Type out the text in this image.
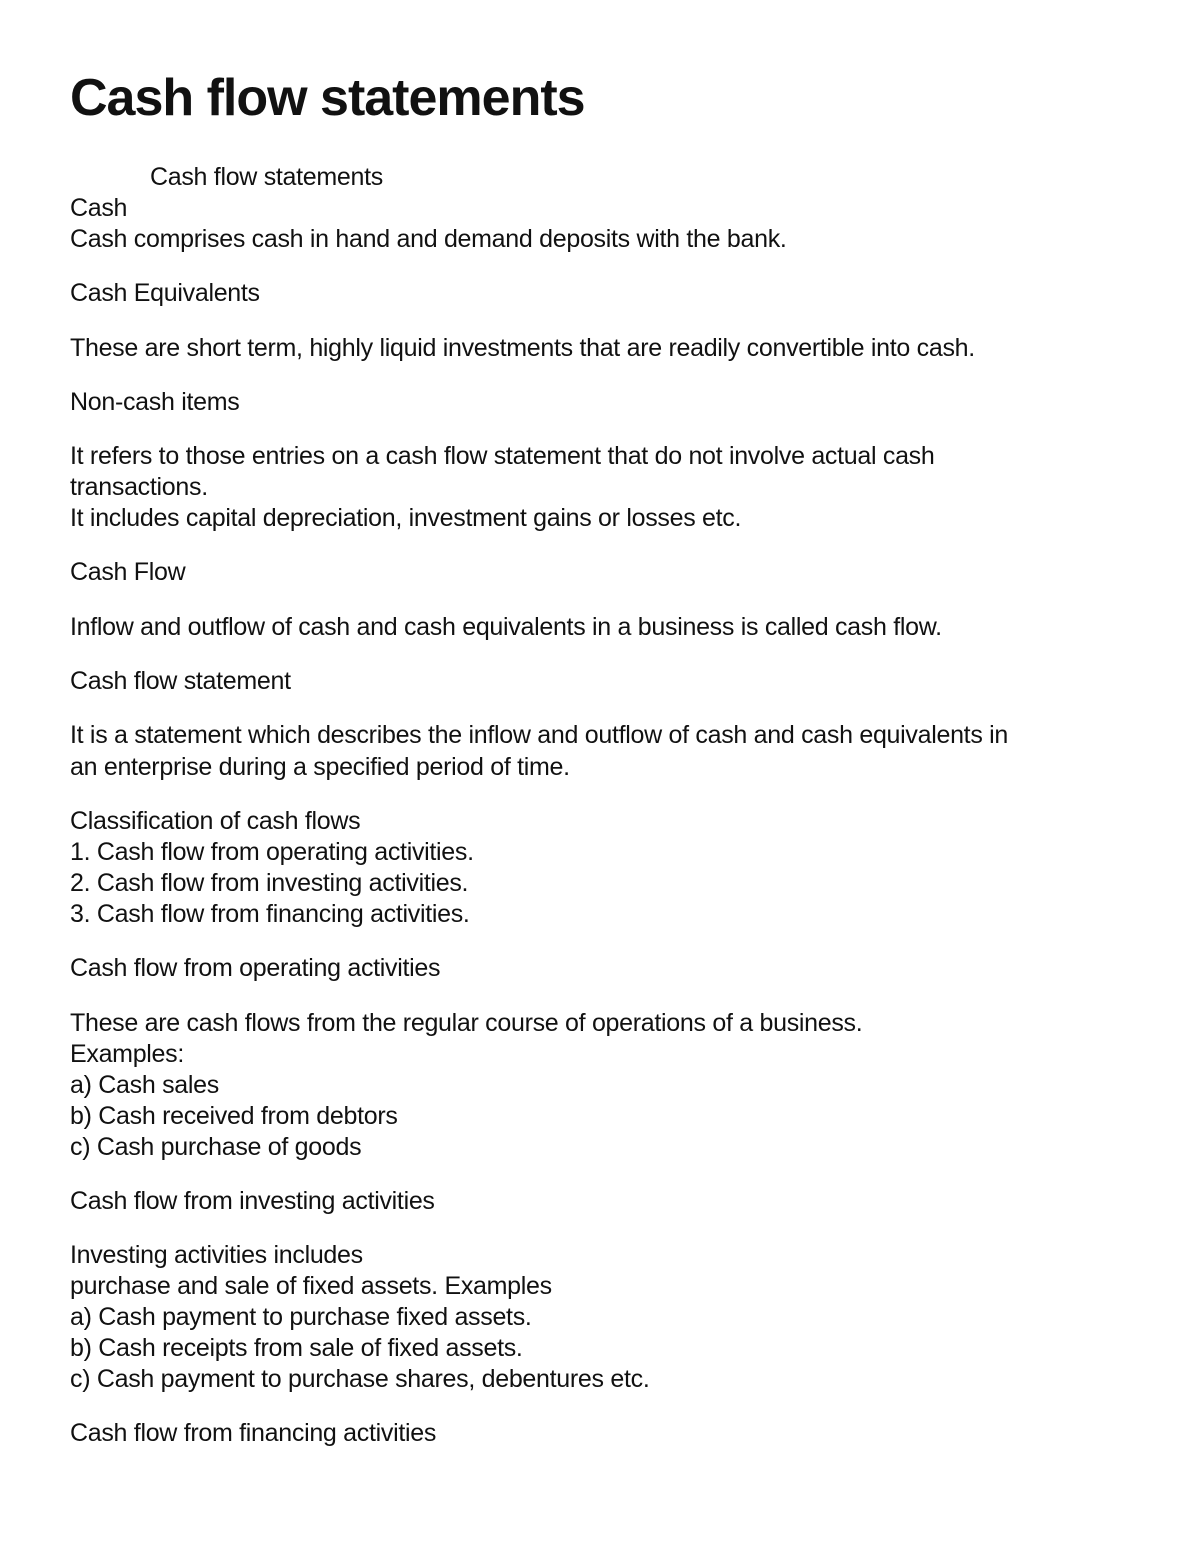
Cash flow statements
Cash flow statements
Cash
Cash comprises cash in hand and demand deposits with the bank.
Cash Equivalents
These are short term, highly liquid investments that are readily convertible into cash.
Non-cash items
It refers to those entries on a cash flow statement that do not involve actual cash
transactions.
It includes capital depreciation, investment gains or losses etc.
Cash Flow
Inflow and outflow of cash and cash equivalents in a business is called cash flow.
Cash flow statement
It is a statement which describes the inflow and outflow of cash and cash equivalents in
an enterprise during a specified period of time.
Classification of cash flows
1. Cash flow from operating activities.
2. Cash flow from investing activities.
3. Cash flow from financing activities.
Cash flow from operating activities
These are cash flows from the regular course of operations of a business.
Examples:
a) Cash sales
b) Cash received from debtors
c) Cash purchase of goods
Cash flow from investing activities
Investing activities includes
purchase and sale of fixed assets. Examples
a) Cash payment to purchase fixed assets.
b) Cash receipts from sale of fixed assets.
c) Cash payment to purchase shares, debentures etc.
Cash flow from financing activities
